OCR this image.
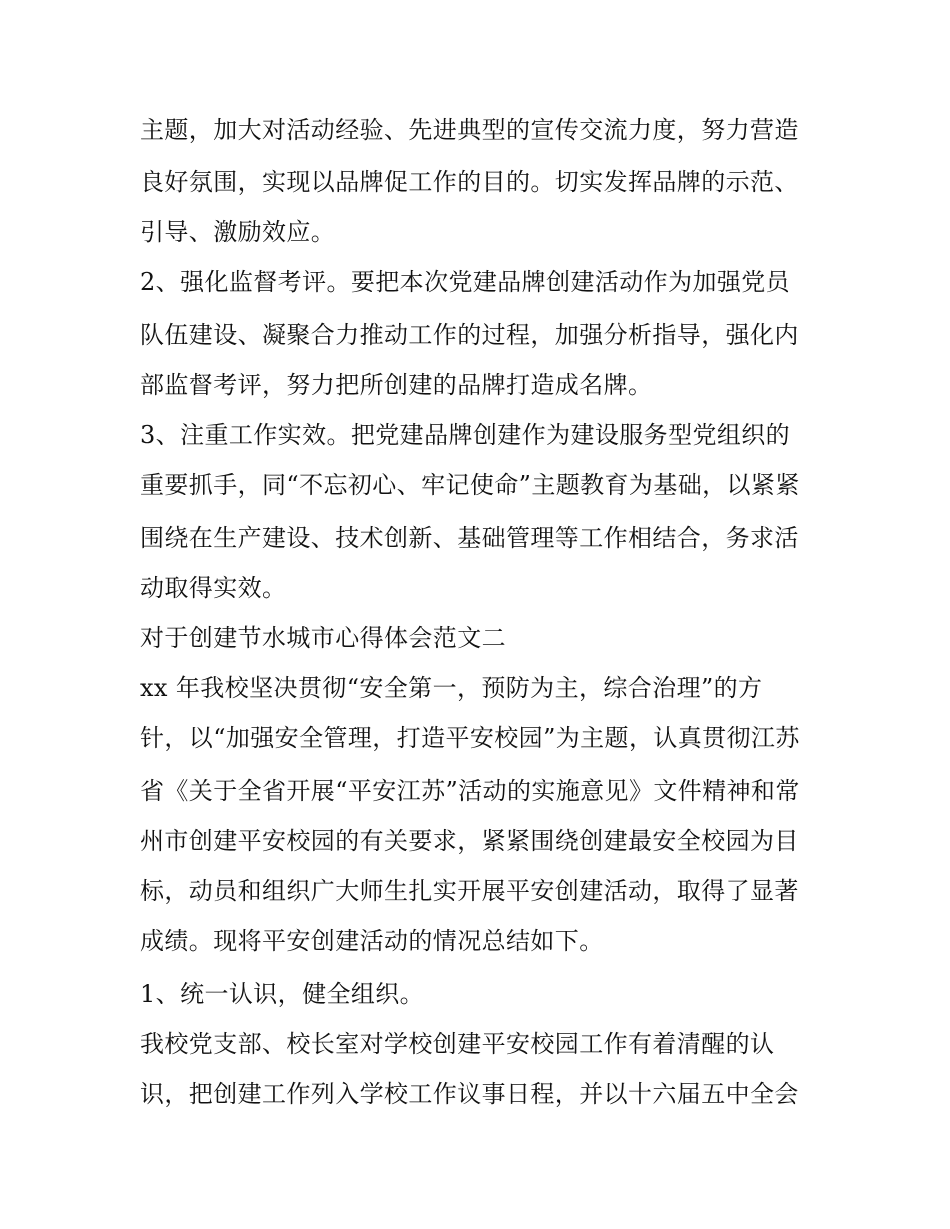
主题，加大对活动经验、先进典型的宣传交流力度，努力营造
良好氛围，实现以品牌促工作的目的。切实发挥品牌的示范、
引导、激励效应。
2、强化监督考评。要把本次党建品牌创建活动作为加强党员
队伍建设、凝聚合力推动工作的过程，加强分析指导，强化内
部监督考评，努力把所创建的品牌打造成名牌。
3、注重工作实效。把党建品牌创建作为建设服务型党组织的
重要抓手，同“不忘初心、牢记使命”主题教育为基础，以紧紧
围绕在生产建设、技术创新、基础管理等工作相结合，务求活
动取得实效。
对于创建节水城市心得体会范文二
xx 年我校坚决贯彻“安全第一，预防为主，综合治理”的方
针，以“加强安全管理，打造平安校园”为主题，认真贯彻江苏
省《关于全省开展“平安江苏”活动的实施意见》文件精神和常
州市创建平安校园的有关要求，紧紧围绕创建最安全校园为目
标，动员和组织广大师生扎实开展平安创建活动，取得了显著
成绩。现将平安创建活动的情况总结如下。
1、统一认识，健全组织。
我校党支部、校长室对学校创建平安校园工作有着清醒的认
识，把创建工作列入学校工作议事日程，并以十六届五中全会
